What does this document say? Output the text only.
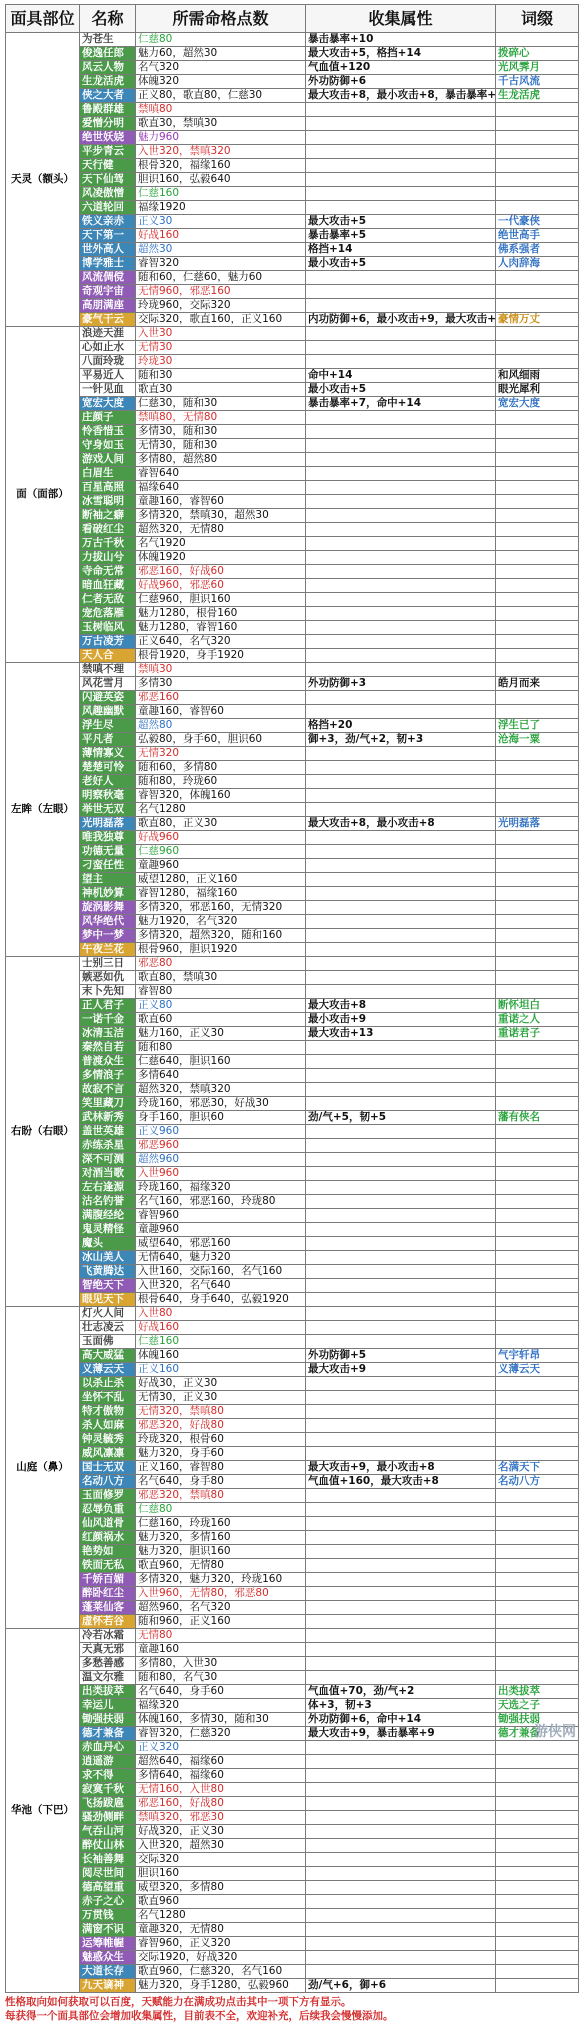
面具部位	名称	所需命格点数	收集属性	词缀
天灵（额头）	为苍生	仁慈80	暴击暴率+10	
	俊逸任郎	魅力60，超然30	最大攻击+5，格挡+14	拨碎心
	风云人物	名气320	气血值+120	光风霁月
	生龙活虎	体魄320	外功防御+6	千古风流
	侠之大者	正义80，歌直80，仁慈30	最大攻击+8，最小攻击+8，暴击暴率+8	生龙活虎
	鲁殿群雄	禁嗔80		
	爱憎分明	歌直30，禁嗔30		
	绝世妖娆	魅力960		
	平步青云	入世320，禁嗔320		
	天行健	根骨320，福缘160		
	天下仙驾	胆识160，弘毅640		
	风凌傲憎	仁慈160		
	六道轮回	福缘1920		
	铁义亲赤	正义30	最大攻击+5	一代豪侠
	天下第一	好战160	暴击暴率+5	绝世高手
	世外高人	超然30	格挡+14	佛系强者
	博学雅士	睿智320	最小攻击+5	人肉辞海
	风流倜傥	随和60，仁慈60，魅力60		
	奇观宇宙	无情960，邪恶160		
	高朋满座	玲珑960，交际320		
	豪气干云	交际320，歌直160，正义160	内功防御+6，最小攻击+9，最大攻击+9	豪情万丈
面（面部）	浪迹天涯	入世30		
	心如止水	无情30		
	八面玲珑	玲珑30		
	平易近人	随和30	命中+14	和风细雨
	一针见血	歌直30	最小攻击+5	眼光犀利
	宽宏大度	仁慈30，随和30	暴击暴率+7，命中+14	宽宏大度
	庄颜子	禁嗔80，无情80		
	怜香惜玉	多情30，随和30		
	守身如玉	无情30，随和30		
	游戏人间	多情80，超然80		
	白眉生	睿智640		
	百星高照	福缘640		
	冰雪聪明	童趣160，睿智60		
	断袖之癖	多情320，禁嗔30，超然30		
	看破红尘	超然320，无情80		
	万古千秋	名气1920		
	力拔山兮	体魄1920		
	寺命无常	邪恶160，好战60		
	暗血狂藏	好战960，邪恶60		
	仁者无敌	仁慈960，胆识160		
	宠危落雁	魅力1280，根骨160		
	玉树临风	魅力1280，睿智160		
	万古凌芳	正义640，名气320		
	天人合	根骨1920，身手1920		
左眸（左眼）	禁嗔不理	禁嗔30		
	风花雪月	多情30	外功防御+3	皓月而来
	闪避英姿	邪恶160		
	风趣幽默	童趣160，睿智60		
	浮生尽	超然80	格挡+20	浮生已了
	平凡者	弘毅80，身手60，胆识60	御+3，劲/气+2，韧+3	沧海一粟
	薄情寡义	无情320		
	楚楚可怜	随和60，多情80		
	老好人	随和80，玲珑60		
	明察秋毫	睿智320，体魄160		
	举世无双	名气1280		
	光明磊落	歌直80，正义30	最大攻击+8，最小攻击+8	光明磊落
	唯我独尊	好战960		
	功德无量	仁慈960		
	刁蛮任性	童趣960		
	望主	威望1280，正义160		
	神机妙算	睿智1280，福缘160		
	旋涡影舞	多情320，邪恶160，无情320		
	风华绝代	魅力1920，名气320		
	梦中一梦	多情320，超然320，随和160		
	午夜兰花	根骨960，胆识1920		
右盼（右眼）	士别三日	邪恶80		
	嫉恶如仇	歌直80，禁嗔30		
	末卜先知	睿智80		
	正人君子	正义80	最大攻击+8	断怀坦白
	一诺千金	歌直60	最小攻击+9	重诺之人
	冰清玉洁	魅力160，正义30	最大攻击+13	重诺君子
	秦然自若	随和80		
	普渡众生	仁慈640，胆识160		
	多情浪子	多情640		
	故寂不言	超然320，禁嗔320		
	笑里藏刀	玲珑160，邪恶30，好战30		
	武林新秀	身手160，胆识60	劲/气+5，韧+5	藩有侠名
	盖世英雄	正义960		
	赤练杀星	邪恶960		
	深不可测	超然960		
	对酒当歌	入世960		
	左右逢源	玲珑160，福缘320		
	沽名钓誉	名气160，邪恶160，玲珑80		
	满腹经纶	睿智960		
	鬼灵精怪	童趣960		
	魔头	威望640，邪恶160		
	冰山美人	无情640，魅力320		
	飞黄腾达	入世160，交际160，名气160		
	智绝天下	入世320，名气640		
	眼见天下	根骨640，身手640，弘毅1920		
山庭（鼻）	灯火人间	入世80		
	壮志凌云	好战160		
	玉面佛	仁慈160		
	高大威猛	体魄160	外功防御+5	气宇轩昂
	义薄云天	正义160	最大攻击+9	义薄云天
	以杀止杀	好战30，正义30		
	坐怀不乱	无情30，正义30		
	特才傲物	无情320，禁嗔80		
	杀人如麻	邪恶320，好战80		
	钟灵毓秀	玲珑320，根骨60		
	威风凛凛	魅力320，身手60		
	国士无双	正义160，睿智80	最大攻击+9，最小攻击+8	名满天下
	名动八方	名气640，身手80	气血值+160，最大攻击+8	名动八方
	玉面修罗	邪恶320，禁嗔80		
	忍辱负重	仁慈80		
	仙风道骨	仁慈160，玲珑160		
	红颜祸水	魅力320，多情160		
	艳势如	魅力320，胆识160		
	铁面无私	歌直960，无情80		
	千娇百媚	多情320，魅力320，玲珑160		
	醉卧红尘	入世960，无情80，邪恶80		
	蓬莱仙客	超然960，名气320		
	虚怀若谷	随和960，正义160		
华池（下巴）	冷若冰霜	无情80		
	天真无邪	童趣160		
	多愁善感	多情80，入世30		
	温文尔雅	随和80，名气30		
	出类拔萃	名气640，身手60	气血值+70，劲/气+2	出类拔萃
	幸运儿	福缘320	体+3，韧+3	天选之子
	锄强扶弱	体魄160，多情30，随和30	外功防御+6，命中+14	锄强扶弱
	德才兼备	睿智320，仁慈320	最大攻击+9，暴击暴率+9	德才兼备
	赤血丹心	正义320		
	逍遥游	超然640，福缘60		
	求不得	多情640，福缘60		
	寂寞千秋	无情160，入世80		
	飞扬跋扈	邪恶160，好战80		
	骚劲侧畔	禁嗔320，邪恶30		
	气吞山河	好战320，正义30		
	醉仗山林	入世320，超然30		
	长袖善舞	交际320		
	阅尽世间	胆识160		
	德高望重	威望320，多情80		
	赤子之心	歌直960		
	万贯钱	名气1280		
	满窗不识	童趣320，无情80		
	运筹帷幄	睿智960，正义320		
	魅惑众生	交际1920，好战320		
	大道长存	歌直960，仁慈320，名气160		
	九天谪神	魅力320，身手1280，弘毅960	劲/气+6，御+6	
性格取向如何获取可以百度，天赋能力在满成功点击其中一项下方有显示。
每获得一个面具部位会增加收集属性，目前表不全，欢迎补充，后续我会慢慢添加。
游侠网
